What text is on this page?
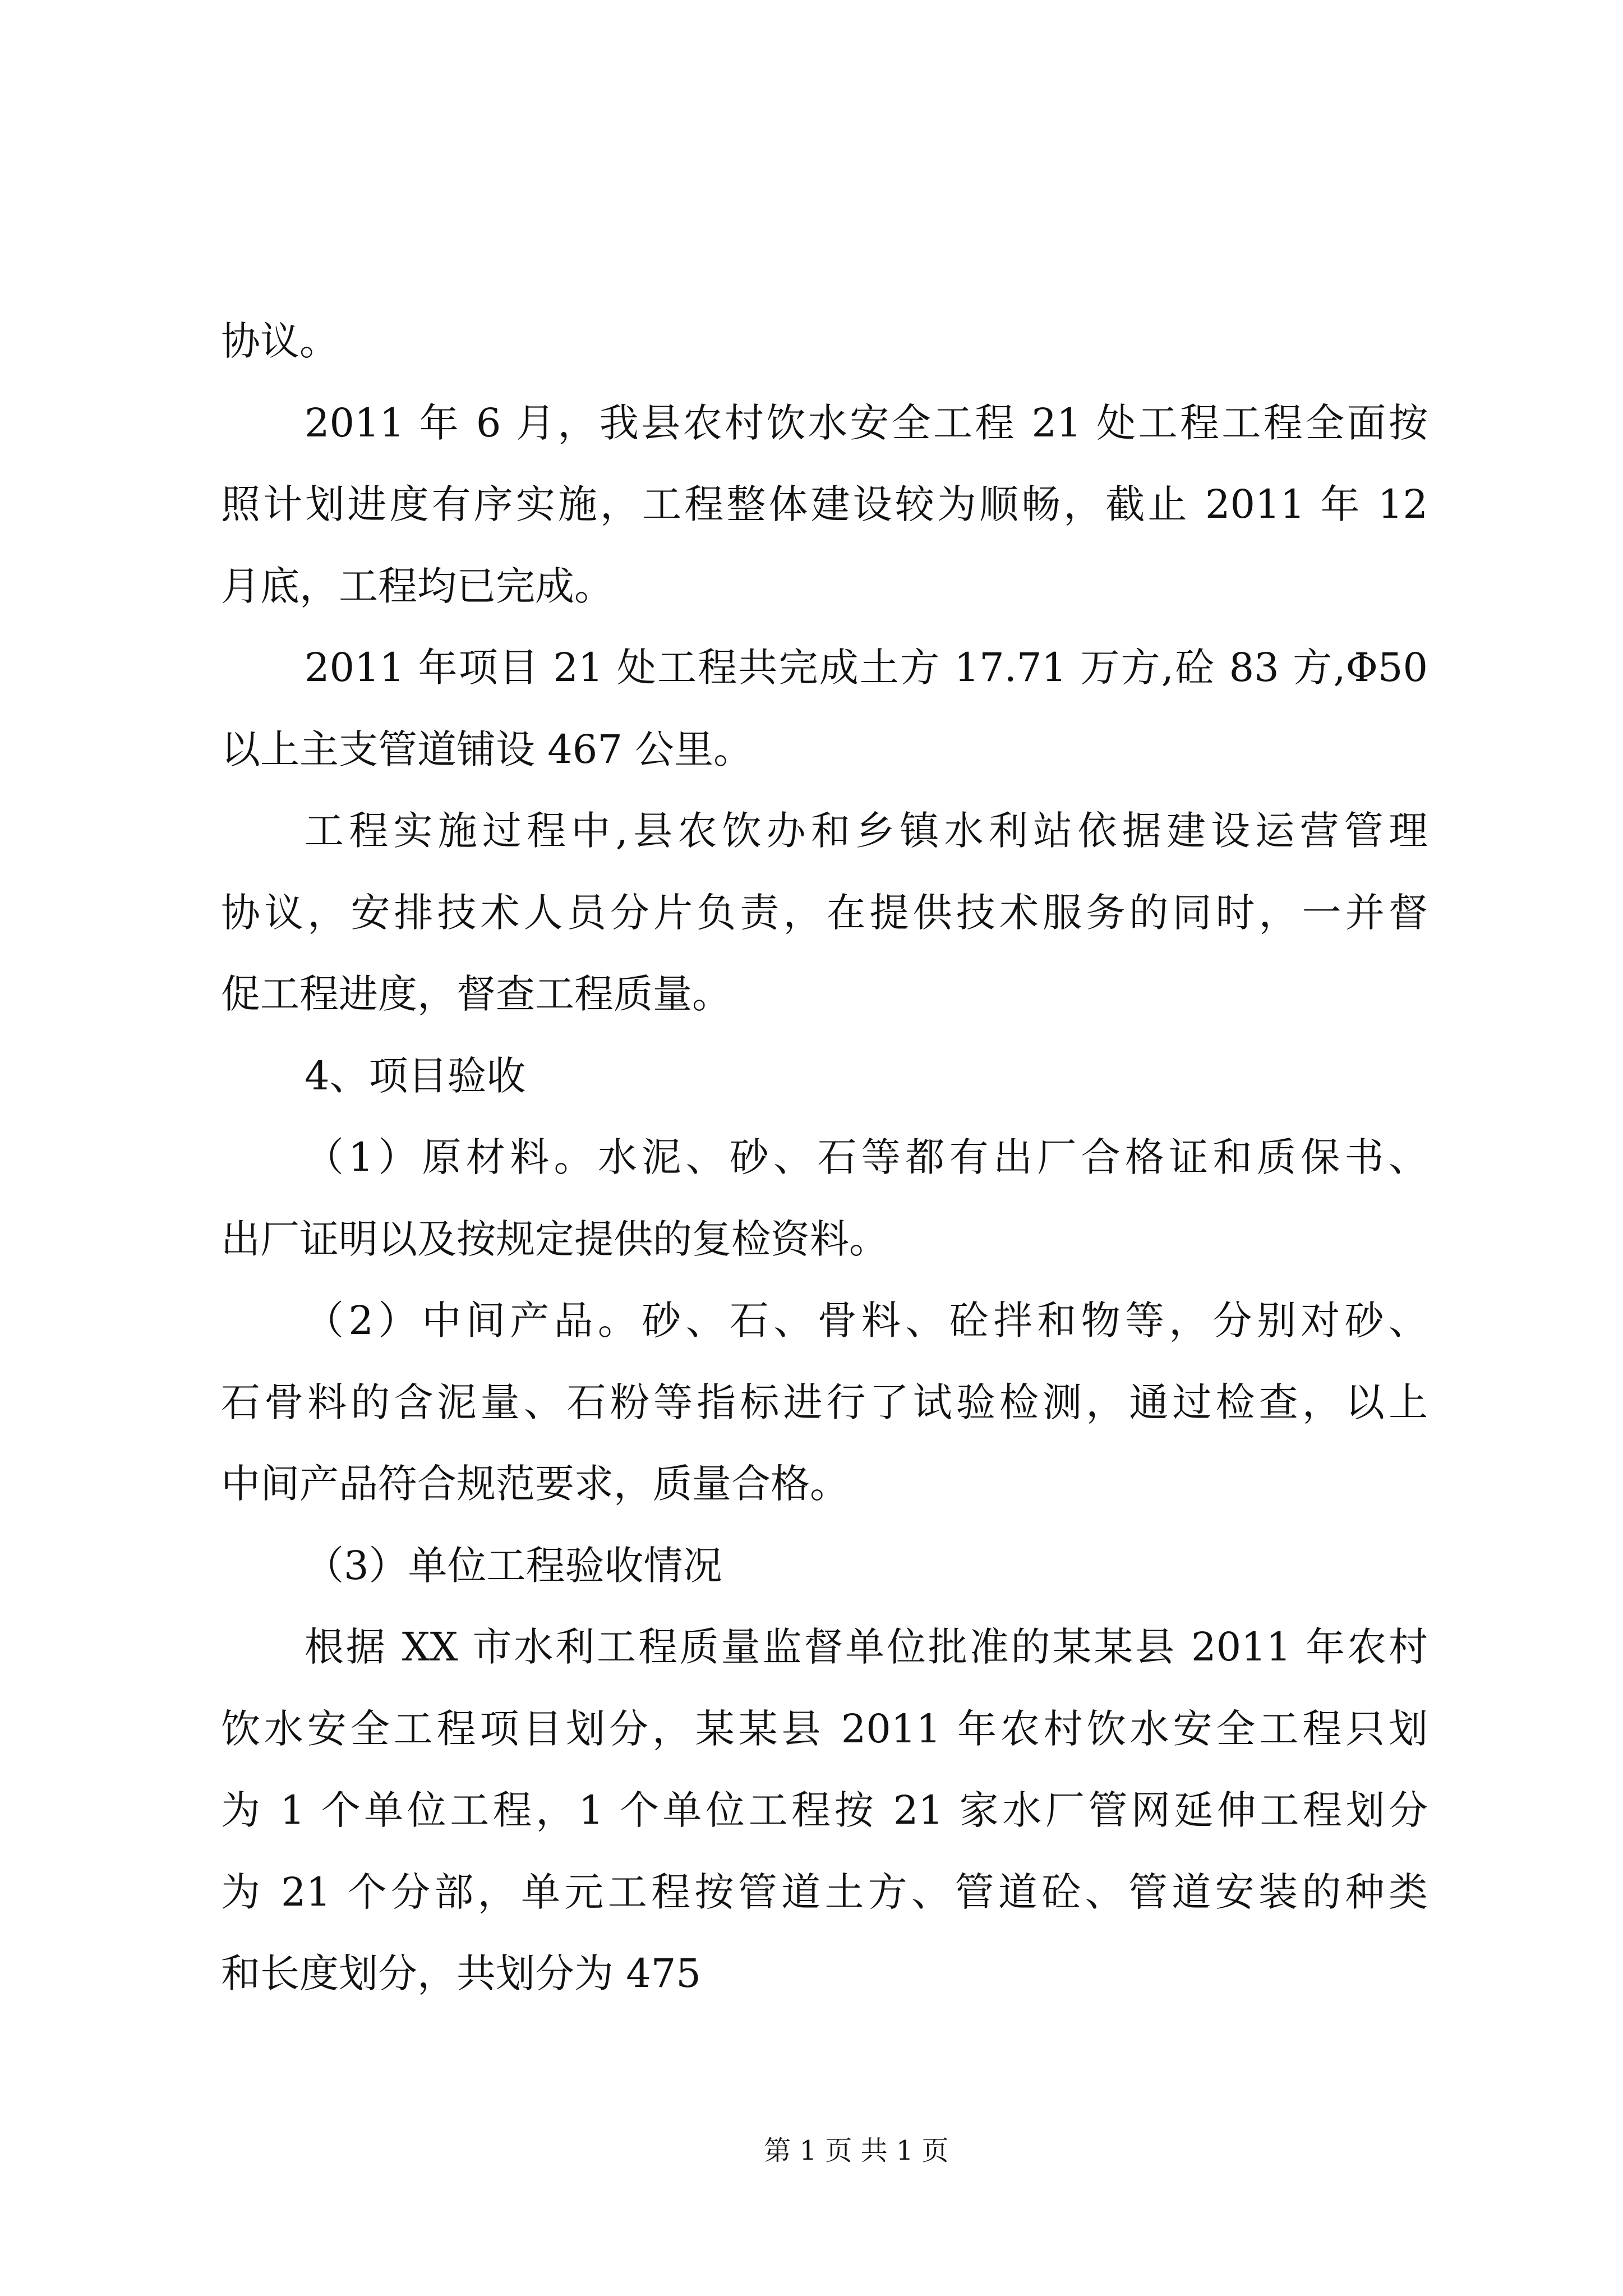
协议。
2011 年 6 月，我县农村饮水安全工程 21 处工程工程全面按
照计划进度有序实施，工程整体建设较为顺畅，截止 2011 年 12
月底，工程均已完成。
2011 年项目 21 处工程共完成土方 17.71 万方,砼 83 方,Φ50
以上主支管道铺设 467 公里。
工程实施过程中,县农饮办和乡镇水利站依据建设运营管理
协议，安排技术人员分片负责，在提供技术服务的同时，一并督
促工程进度，督查工程质量。
4、项目验收
（1）原材料。水泥、砂、石等都有出厂合格证和质保书、
出厂证明以及按规定提供的复检资料。
（2）中间产品。砂、石、骨料、砼拌和物等，分别对砂、
石骨料的含泥量、石粉等指标进行了试验检测，通过检查，以上
中间产品符合规范要求，质量合格。
（3）单位工程验收情况
根据 XX 市水利工程质量监督单位批准的某某县 2011 年农村
饮水安全工程项目划分，某某县 2011 年农村饮水安全工程只划
为 1 个单位工程，1 个单位工程按 21 家水厂管网延伸工程划分
为 21 个分部，单元工程按管道土方、管道砼、管道安装的种类
和长度划分，共划分为 475
第 1 页 共 1 页
